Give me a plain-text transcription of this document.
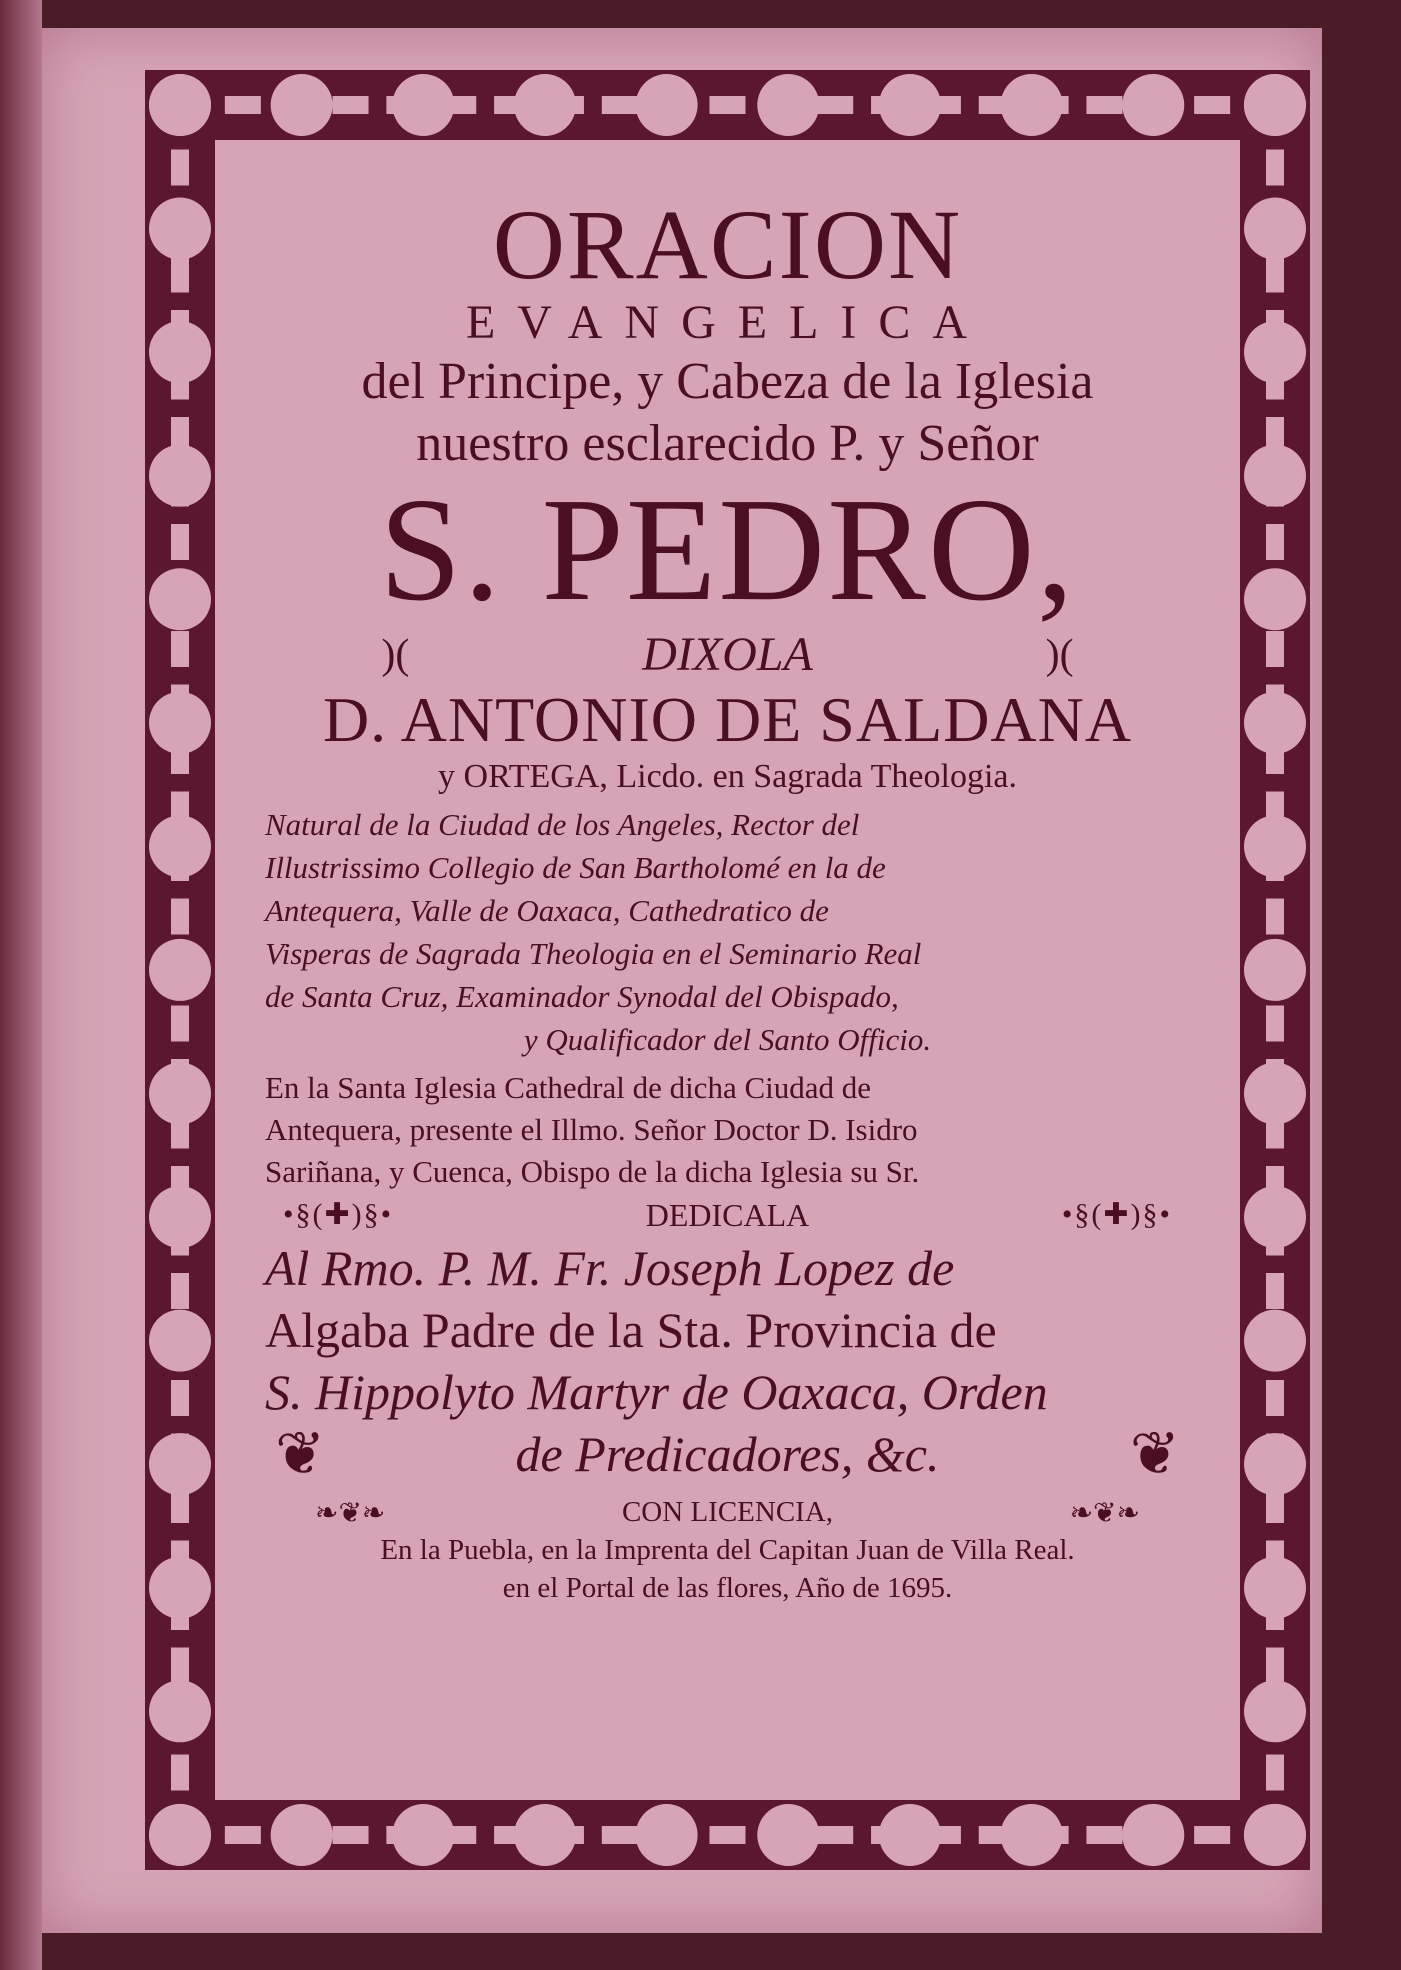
ORACION

EVANGELICA

del Principe, y Cabeza de la Iglesia

nuestro esclarecido P. y Señor

S. PEDRO,

)(	DIXOLA	)(

D. ANTONIO DE SALDANA

y ORTEGA, Licdo. en Sagrada Theologia.

Natural de la Ciudad de los Angeles, Rector del

Illustrissimo Collegio de San Bartholomé en la de

Antequera, Valle de Oaxaca, Cathedratico de

Visperas de Sagrada Theologia en el Seminario Real

de Santa Cruz, Examinador Synodal del Obispado,

y Qualificador del Santo Officio.

En la Santa Iglesia Cathedral de dicha Ciudad de

Antequera, presente el Illmo. Señor Doctor D. Isidro

Sariñana, y Cuenca, Obispo de la dicha Iglesia su Sr.

•§(✚)§•	DEDICALA	•§(✚)§•

Al Rmo. P. M. Fr. Joseph Lopez de

Algaba Padre de la Sta. Provincia de

S. Hippolyto Martyr de Oaxaca, Orden

❦	de Predicadores, &c.	❦
❧❦❧	CON LICENCIA,	❧❦❧

En la Puebla, en la Imprenta del Capitan Juan de Villa Real.

en el Portal de las flores, Año de 1695.
